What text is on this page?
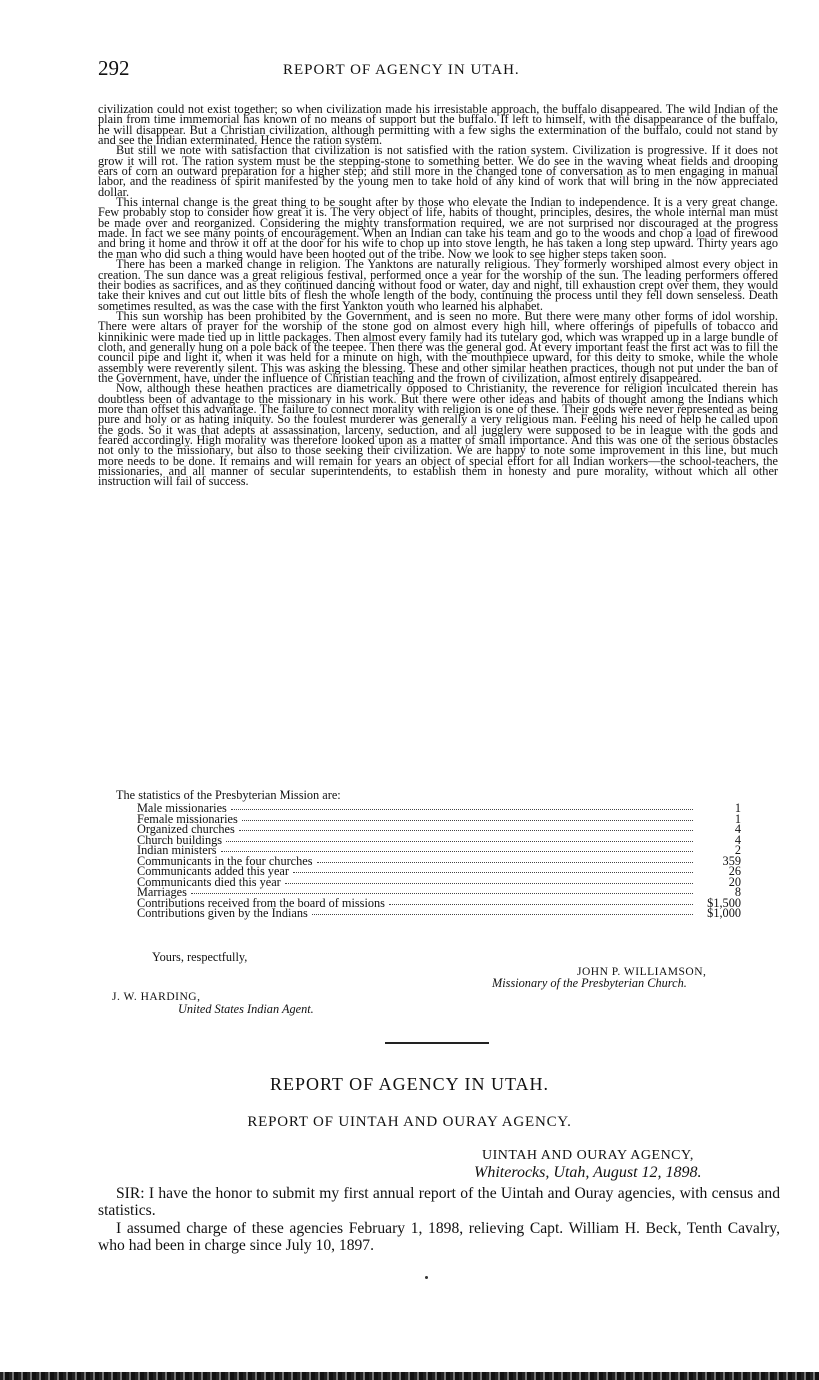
292	REPORT OF AGENCY IN UTAH.

civilization could not exist together; so when civilization made his irresistable approach, the buffalo disappeared. The wild Indian of the plain from time immemorial has known of no means of support but the buffalo. If left to himself, with the disappearance of the buffalo, he will disappear. But a Christian civilization, although permitting with a few sighs the extermination of the buffalo, could not stand by and see the Indian exterminated. Hence the ration system.

But still we note with satisfaction that civilization is not satisfied with the ration system. Civilization is progressive. If it does not grow it will rot. The ration system must be the stepping-stone to something better. We do see in the waving wheat fields and drooping ears of corn an outward preparation for a higher step; and still more in the changed tone of conversation as to men engaging in manual labor, and the readiness of spirit manifested by the young men to take hold of any kind of work that will bring in the now appreciated dollar.

This internal change is the great thing to be sought after by those who elevate the Indian to independence. It is a very great change. Few probably stop to consider how great it is. The very object of life, habits of thought, principles, desires, the whole internal man must be made over and reorganized. Considering the mighty transformation required, we are not surprised nor discouraged at the progress made. In fact we see many points of encouragement. When an Indian can take his team and go to the woods and chop a load of firewood and bring it home and throw it off at the door for his wife to chop up into stove length, he has taken a long step upward. Thirty years ago the man who did such a thing would have been hooted out of the tribe. Now we look to see higher steps taken soon.

There has been a marked change in religion. The Yanktons are naturally religious. They formerly worshiped almost every object in creation. The sun dance was a great religious festival, performed once a year for the worship of the sun. The leading performers offered their bodies as sacrifices, and as they continued dancing without food or water, day and night, till exhaustion crept over them, they would take their knives and cut out little bits of flesh the whole length of the body, continuing the process until they fell down senseless. Death sometimes resulted, as was the case with the first Yankton youth who learned his alphabet.

This sun worship has been prohibited by the Government, and is seen no more. But there were many other forms of idol worship. There were altars of prayer for the worship of the stone god on almost every high hill, where offerings of pipefulls of tobacco and kinnikinic were made tied up in little packages. Then almost every family had its tutelary god, which was wrapped up in a large bundle of cloth, and generally hung on a pole back of the teepee. Then there was the general god. At every important feast the first act was to fill the council pipe and light it, when it was held for a minute on high, with the mouthpiece upward, for this deity to smoke, while the whole assembly were reverently silent. This was asking the blessing. These and other similar heathen practices, though not put under the ban of the Government, have, under the influence of Christian teaching and the frown of civilization, almost entirely disappeared.

Now, although these heathen practices are diametrically opposed to Christianity, the reverence for religion inculcated therein has doubtless been of advantage to the missionary in his work. But there were other ideas and habits of thought among the Indians which more than offset this advantage. The failure to connect morality with religion is one of these. Their gods were never represented as being pure and holy or as hating iniquity. So the foulest murderer was generally a very religious man. Feeling his need of help he called upon the gods. So it was that adepts at assassination, larceny, seduction, and all jugglery were supposed to be in league with the gods and feared accordingly. High morality was therefore looked upon as a matter of small importance. And this was one of the serious obstacles not only to the missionary, but also to those seeking their civilization. We are happy to note some improvement in this line, but much more needs to be done. It remains and will remain for years an object of special effort for all Indian workers—the school-teachers, the missionaries, and all manner of secular superintendents, to establish them in honesty and pure morality, without which all other instruction will fail of success.

The statistics of the Presbyterian Mission are:
Male missionaries	1
Female missionaries	1
Organized churches	4
Church buildings	4
Indian ministers	2
Communicants in the four churches	359
Communicants added this year	26
Communicants died this year	20
Marriages	8
Contributions received from the board of missions	$1,500
Contributions given by the Indians	$1,000
Yours, respectfully,
JOHN P. WILLIAMSON,
Missionary of the Presbyterian Church.
J. W. HARDING,
United States Indian Agent.
REPORT OF AGENCY IN UTAH.
REPORT OF UINTAH AND OURAY AGENCY.
UINTAH AND OURAY AGENCY,
Whiterocks, Utah, August 12, 1898.

SIR: I have the honor to submit my first annual report of the Uintah and Ouray agencies, with census and statistics.

I assumed charge of these agencies February 1, 1898, relieving Capt. William H. Beck, Tenth Cavalry, who had been in charge since July 10, 1897.
